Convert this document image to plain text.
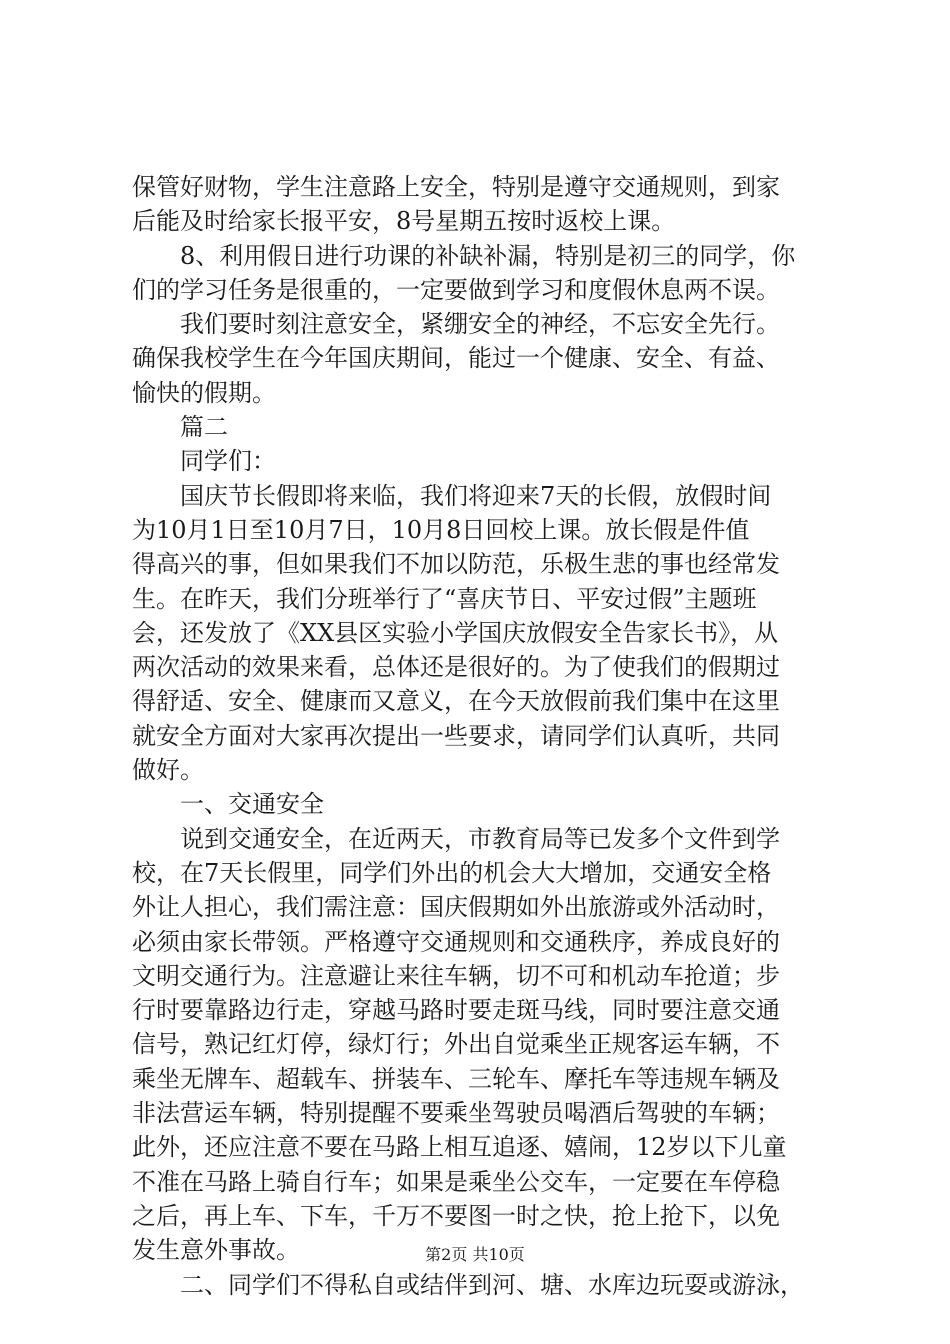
保管好财物，学生注意路上安全，特别是遵守交通规则，到家

后能及时给家长报平安，8号星期五按时返校上课。

　　8、利用假日进行功课的补缺补漏，特别是初三的同学，你

们的学习任务是很重的，一定要做到学习和度假休息两不误。

　　我们要时刻注意安全，紧绷安全的神经，不忘安全先行。

确保我校学生在今年国庆期间，能过一个健康、安全、有益、

愉快的假期。

　　篇二

　　同学们：

　　国庆节长假即将来临，我们将迎来7天的长假，放假时间

为10月1日至10月7日，10月8日回校上课。放长假是件值

得高兴的事，但如果我们不加以防范，乐极生悲的事也经常发

生。在昨天，我们分班举行了“喜庆节日、平安过假”主题班

会，还发放了《XX县区实验小学国庆放假安全告家长书》，从

两次活动的效果来看，总体还是很好的。为了使我们的假期过

得舒适、安全、健康而又意义，在今天放假前我们集中在这里

就安全方面对大家再次提出一些要求，请同学们认真听，共同

做好。

　　一、交通安全

　　说到交通安全，在近两天，市教育局等已发多个文件到学

校，在7天长假里，同学们外出的机会大大增加，交通安全格

外让人担心，我们需注意：国庆假期如外出旅游或外活动时，

必须由家长带领。严格遵守交通规则和交通秩序，养成良好的

文明交通行为。注意避让来往车辆，切不可和机动车抢道；步

行时要靠路边行走，穿越马路时要走斑马线，同时要注意交通

信号，熟记红灯停，绿灯行；外出自觉乘坐正规客运车辆，不

乘坐无牌车、超载车、拼装车、三轮车、摩托车等违规车辆及

非法营运车辆，特别提醒不要乘坐驾驶员喝酒后驾驶的车辆；

此外，还应注意不要在马路上相互追逐、嬉闹，12岁以下儿童

不准在马路上骑自行车；如果是乘坐公交车，一定要在车停稳

之后，再上车、下车，千万不要图一时之快，抢上抢下，以免

发生意外事故。

　　二、同学们不得私自或结伴到河、塘、水库边玩耍或游泳，

第2页 共10页
